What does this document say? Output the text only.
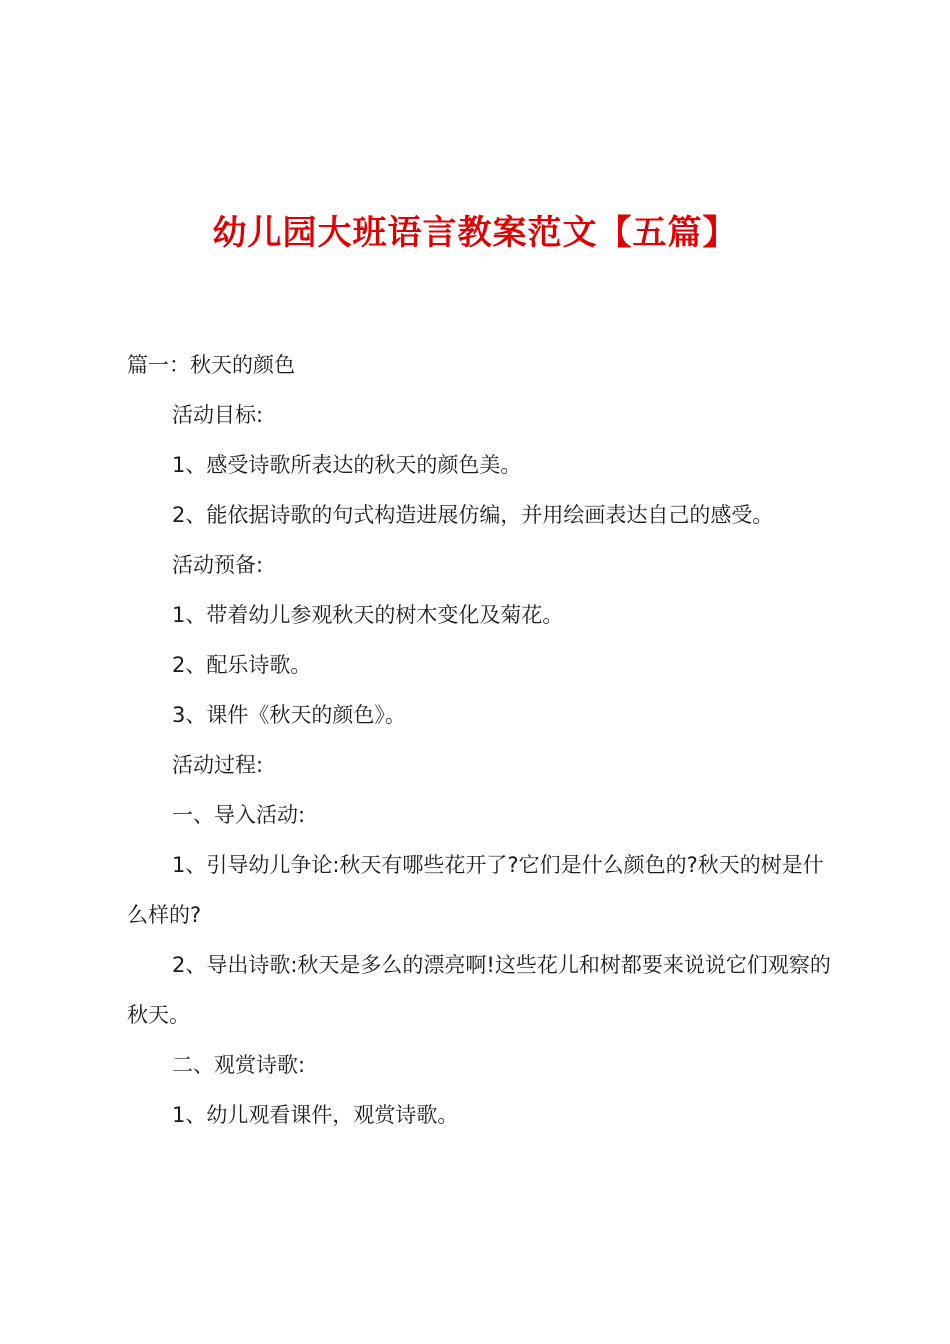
幼儿园大班语言教案范文【五篇】

篇一：秋天的颜色

活动目标:

1、感受诗歌所表达的秋天的颜色美。

2、能依据诗歌的句式构造进展仿编，并用绘画表达自己的感受。

活动预备:

1、带着幼儿参观秋天的树木变化及菊花。

2、配乐诗歌。

3、课件《秋天的颜色》。

活动过程:

一、导入活动:

1、引导幼儿争论:秋天有哪些花开了?它们是什么颜色的?秋天的树是什么样的?

2、导出诗歌:秋天是多么的漂亮啊!这些花儿和树都要来说说它们观察的秋天。

二、观赏诗歌:

1、幼儿观看课件，观赏诗歌。
